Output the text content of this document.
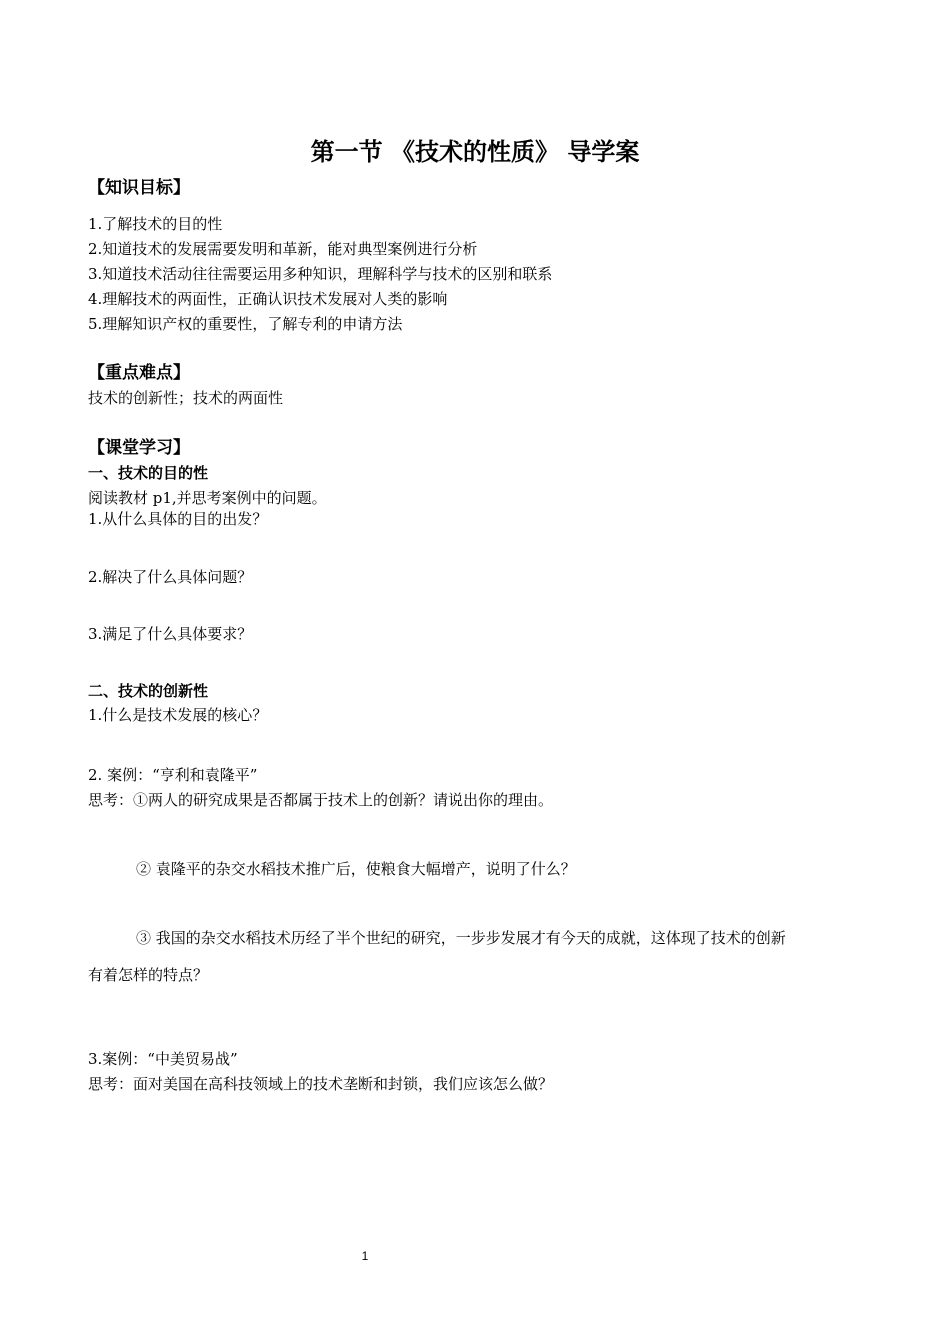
第一节 《技术的性质》 导学案

【知识目标】

1.了解技术的目的性

2.知道技术的发展需要发明和革新，能对典型案例进行分析

3.知道技术活动往往需要运用多种知识，理解科学与技术的区别和联系

4.理解技术的两面性，正确认识技术发展对人类的影响

5.理解知识产权的重要性，了解专利的申请方法

【重点难点】

技术的创新性；技术的两面性

【课堂学习】

一、技术的目的性

阅读教材 p1,并思考案例中的问题。

1.从什么具体的目的出发？

2.解决了什么具体问题？

3.满足了什么具体要求？

二、技术的创新性

1.什么是技术发展的核心？

2. 案例：“亨利和袁隆平”

思考：①两人的研究成果是否都属于技术上的创新？请说出你的理由。

② 袁隆平的杂交水稻技术推广后，使粮食大幅增产，说明了什么？

③ 我国的杂交水稻技术历经了半个世纪的研究，一步步发展才有今天的成就，这体现了技术的创新

有着怎样的特点？

3.案例：“中美贸易战”

思考：面对美国在高科技领域上的技术垄断和封锁，我们应该怎么做？

1
